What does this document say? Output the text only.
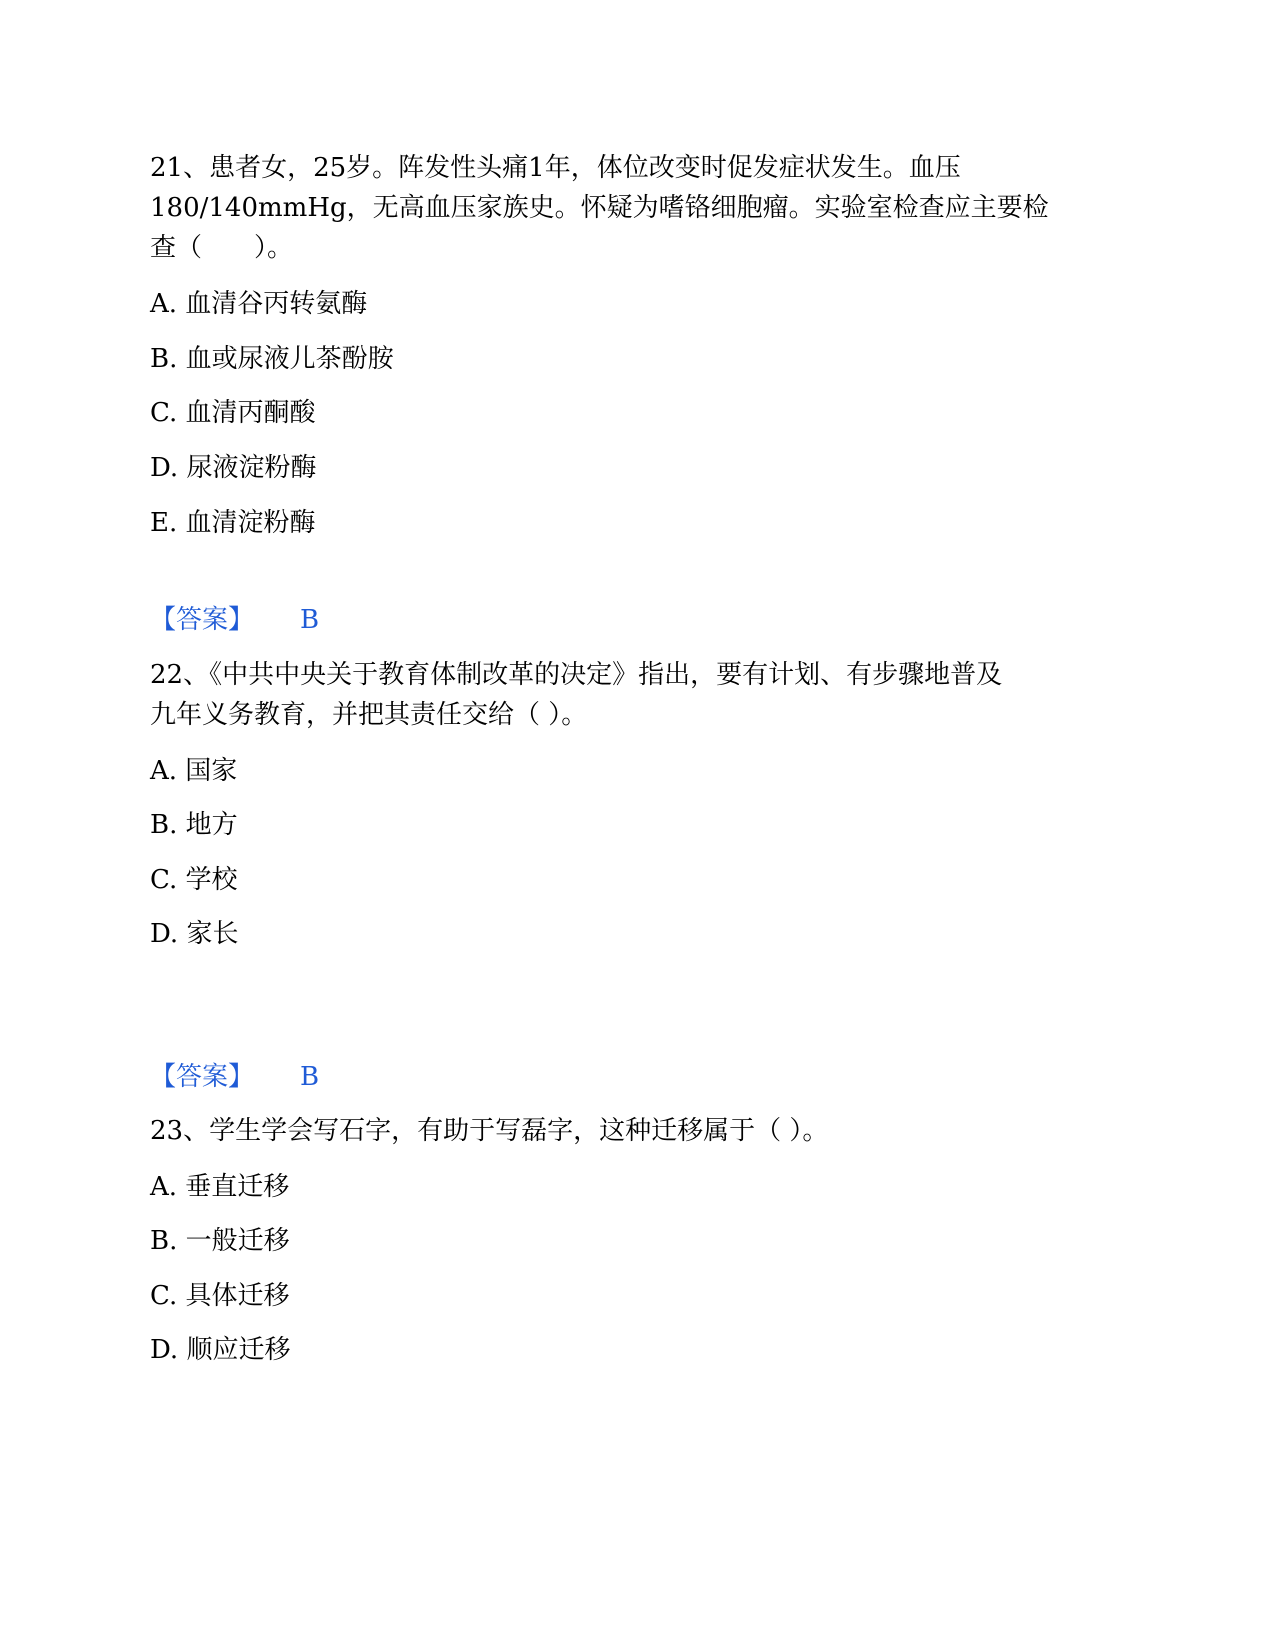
21、患者女，25岁。阵发性头痛1年，体位改变时促发症状发生。血压
180/140mmHg，无高血压家族史。怀疑为嗜铬细胞瘤。实验室检查应主要检
查（　　）。
A. 血清谷丙转氨酶
B. 血或尿液儿茶酚胺
C. 血清丙酮酸
D. 尿液淀粉酶
E. 血清淀粉酶
【答案】 B
22、《中共中央关于教育体制改革的决定》指出，要有计划、有步骤地普及
九年义务教育，并把其责任交给（ ）。
A. 国家
B. 地方
C. 学校
D. 家长
【答案】 B
23、学生学会写石字，有助于写磊字，这种迁移属于（ ）。
A. 垂直迁移
B. 一般迁移
C. 具体迁移
D. 顺应迁移
